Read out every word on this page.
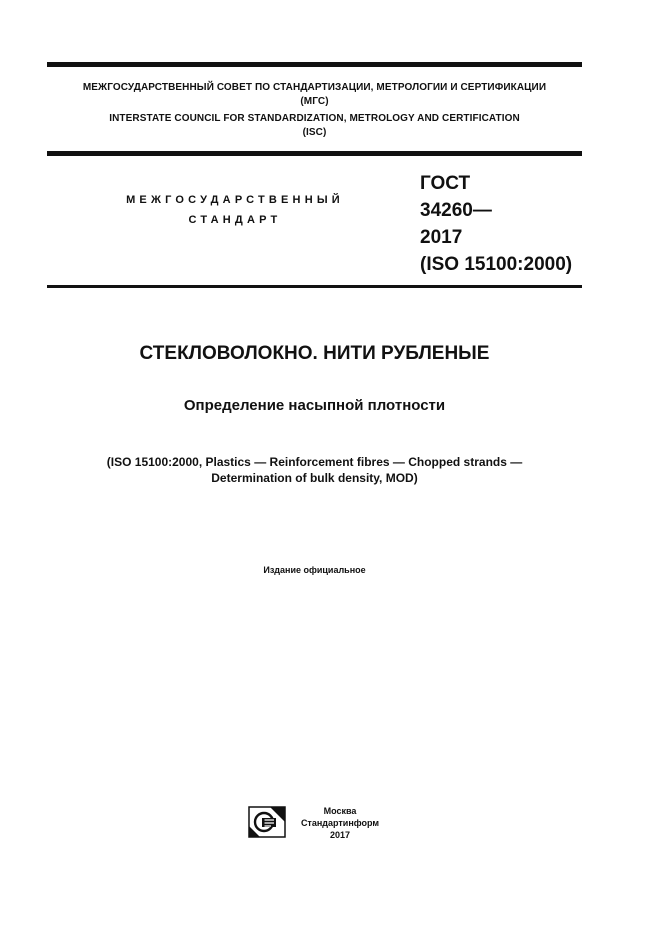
МЕЖГОСУДАРСТВЕННЫЙ СОВЕТ ПО СТАНДАРТИЗАЦИИ, МЕТРОЛОГИИ И СЕРТИФИКАЦИИ
(МГС)
INTERSTATE COUNCIL FOR STANDARDIZATION, METROLOGY AND CERTIFICATION
(ISC)
МЕЖГОСУДАРСТВЕННЫЙ
СТАНДАРТ
ГОСТ
34260—
2017
(ISO 15100:2000)
СТЕКЛОВОЛОКНО. НИТИ РУБЛЕНЫЕ
Определение насыпной плотности
(ISO 15100:2000, Plastics — Reinforcement fibres — Chopped strands —
Determination of bulk density, MOD)
Издание официальное
Москва
Стандартинформ
2017
